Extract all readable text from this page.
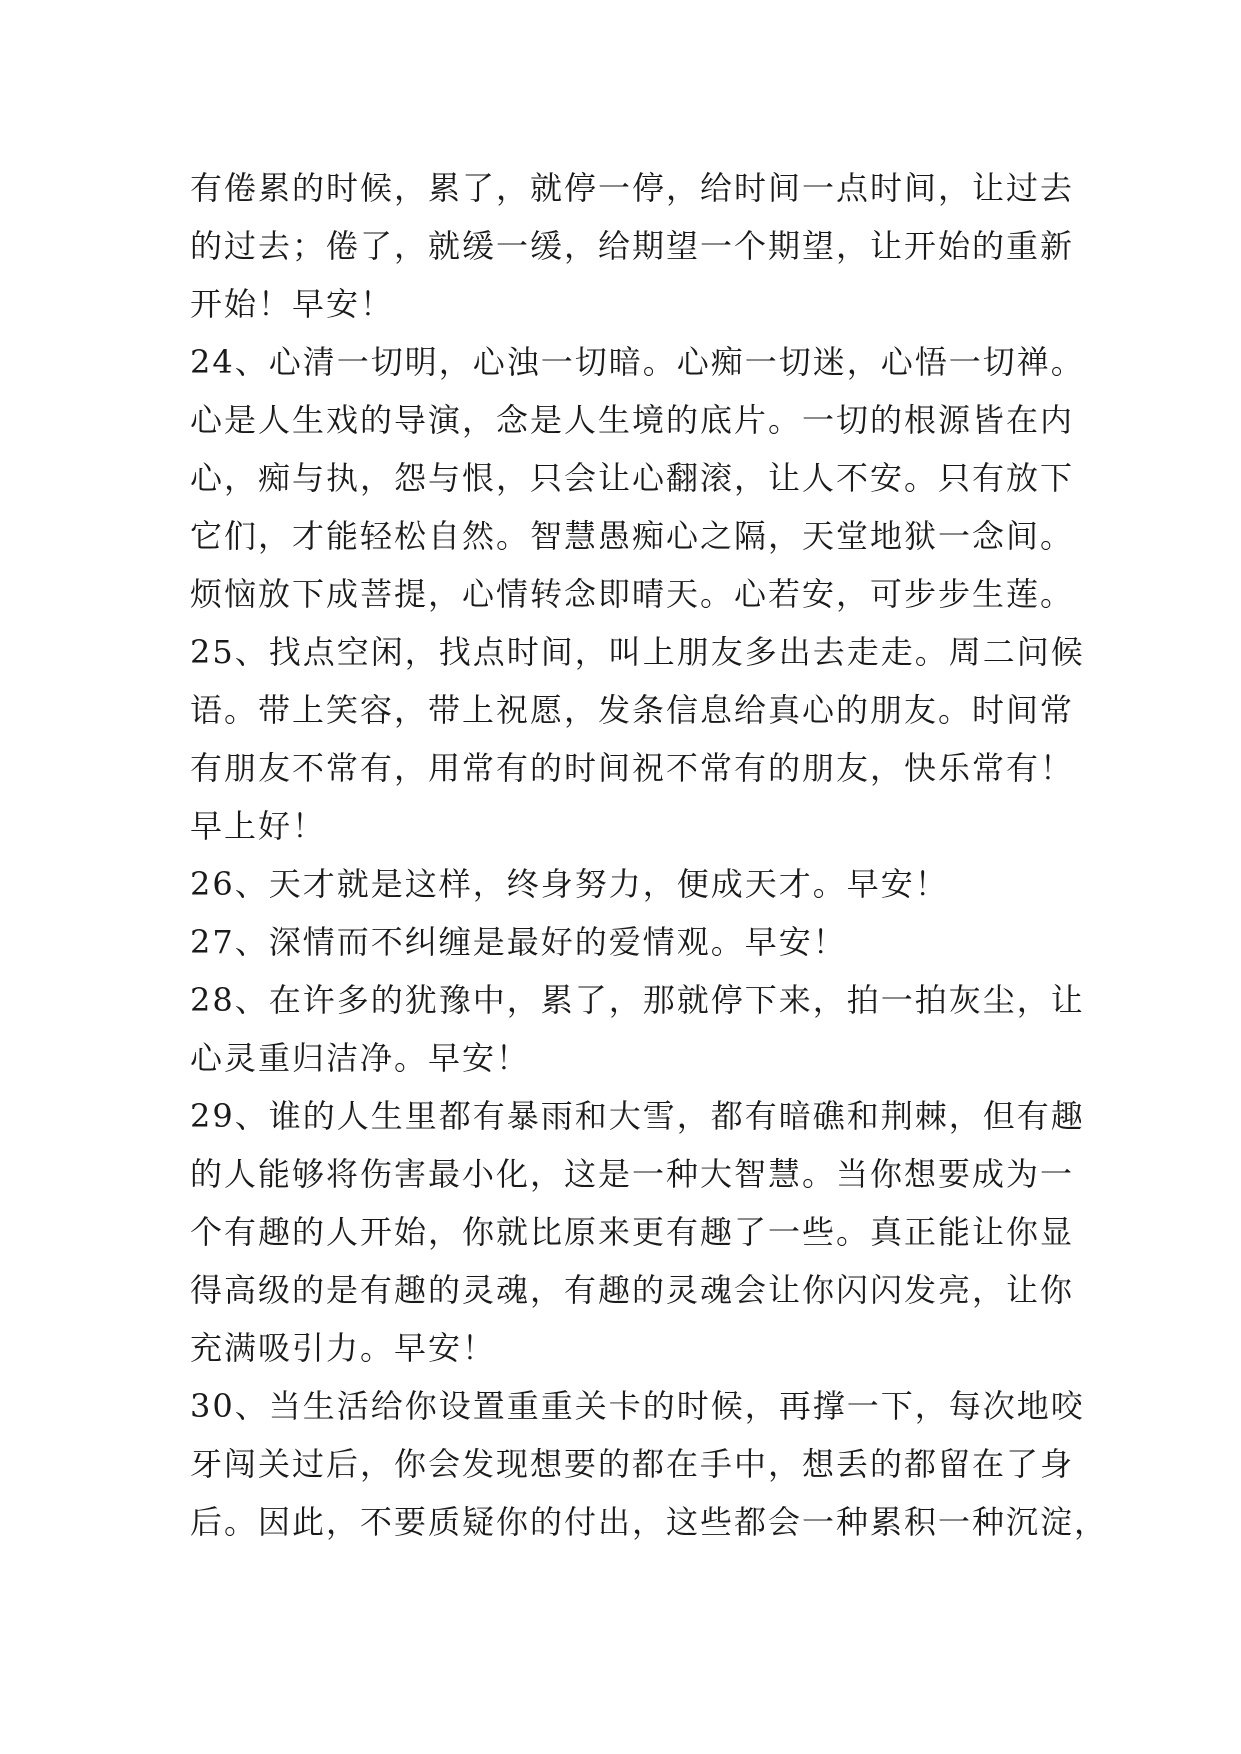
有倦累的时候，累了，就停一停，给时间一点时间，让过去
的过去；倦了，就缓一缓，给期望一个期望，让开始的重新
开始！早安！
24、心清一切明，心浊一切暗。心痴一切迷，心悟一切禅。
心是人生戏的导演，念是人生境的底片。一切的根源皆在内
心，痴与执，怨与恨，只会让心翻滚，让人不安。只有放下
它们，才能轻松自然。智慧愚痴心之隔，天堂地狱一念间。
烦恼放下成菩提，心情转念即晴天。心若安，可步步生莲。
25、找点空闲，找点时间，叫上朋友多出去走走。周二问候
语。带上笑容，带上祝愿，发条信息给真心的朋友。时间常
有朋友不常有，用常有的时间祝不常有的朋友，快乐常有！
早上好！
26、天才就是这样，终身努力，便成天才。早安！
27、深情而不纠缠是最好的爱情观。早安！
28、在许多的犹豫中，累了，那就停下来，拍一拍灰尘，让
心灵重归洁净。早安！
29、谁的人生里都有暴雨和大雪，都有暗礁和荆棘，但有趣
的人能够将伤害最小化，这是一种大智慧。当你想要成为一
个有趣的人开始，你就比原来更有趣了一些。真正能让你显
得高级的是有趣的灵魂，有趣的灵魂会让你闪闪发亮，让你
充满吸引力。早安！
30、当生活给你设置重重关卡的时候，再撑一下，每次地咬
牙闯关过后，你会发现想要的都在手中，想丢的都留在了身
后。因此，不要质疑你的付出，这些都会一种累积一种沉淀，
